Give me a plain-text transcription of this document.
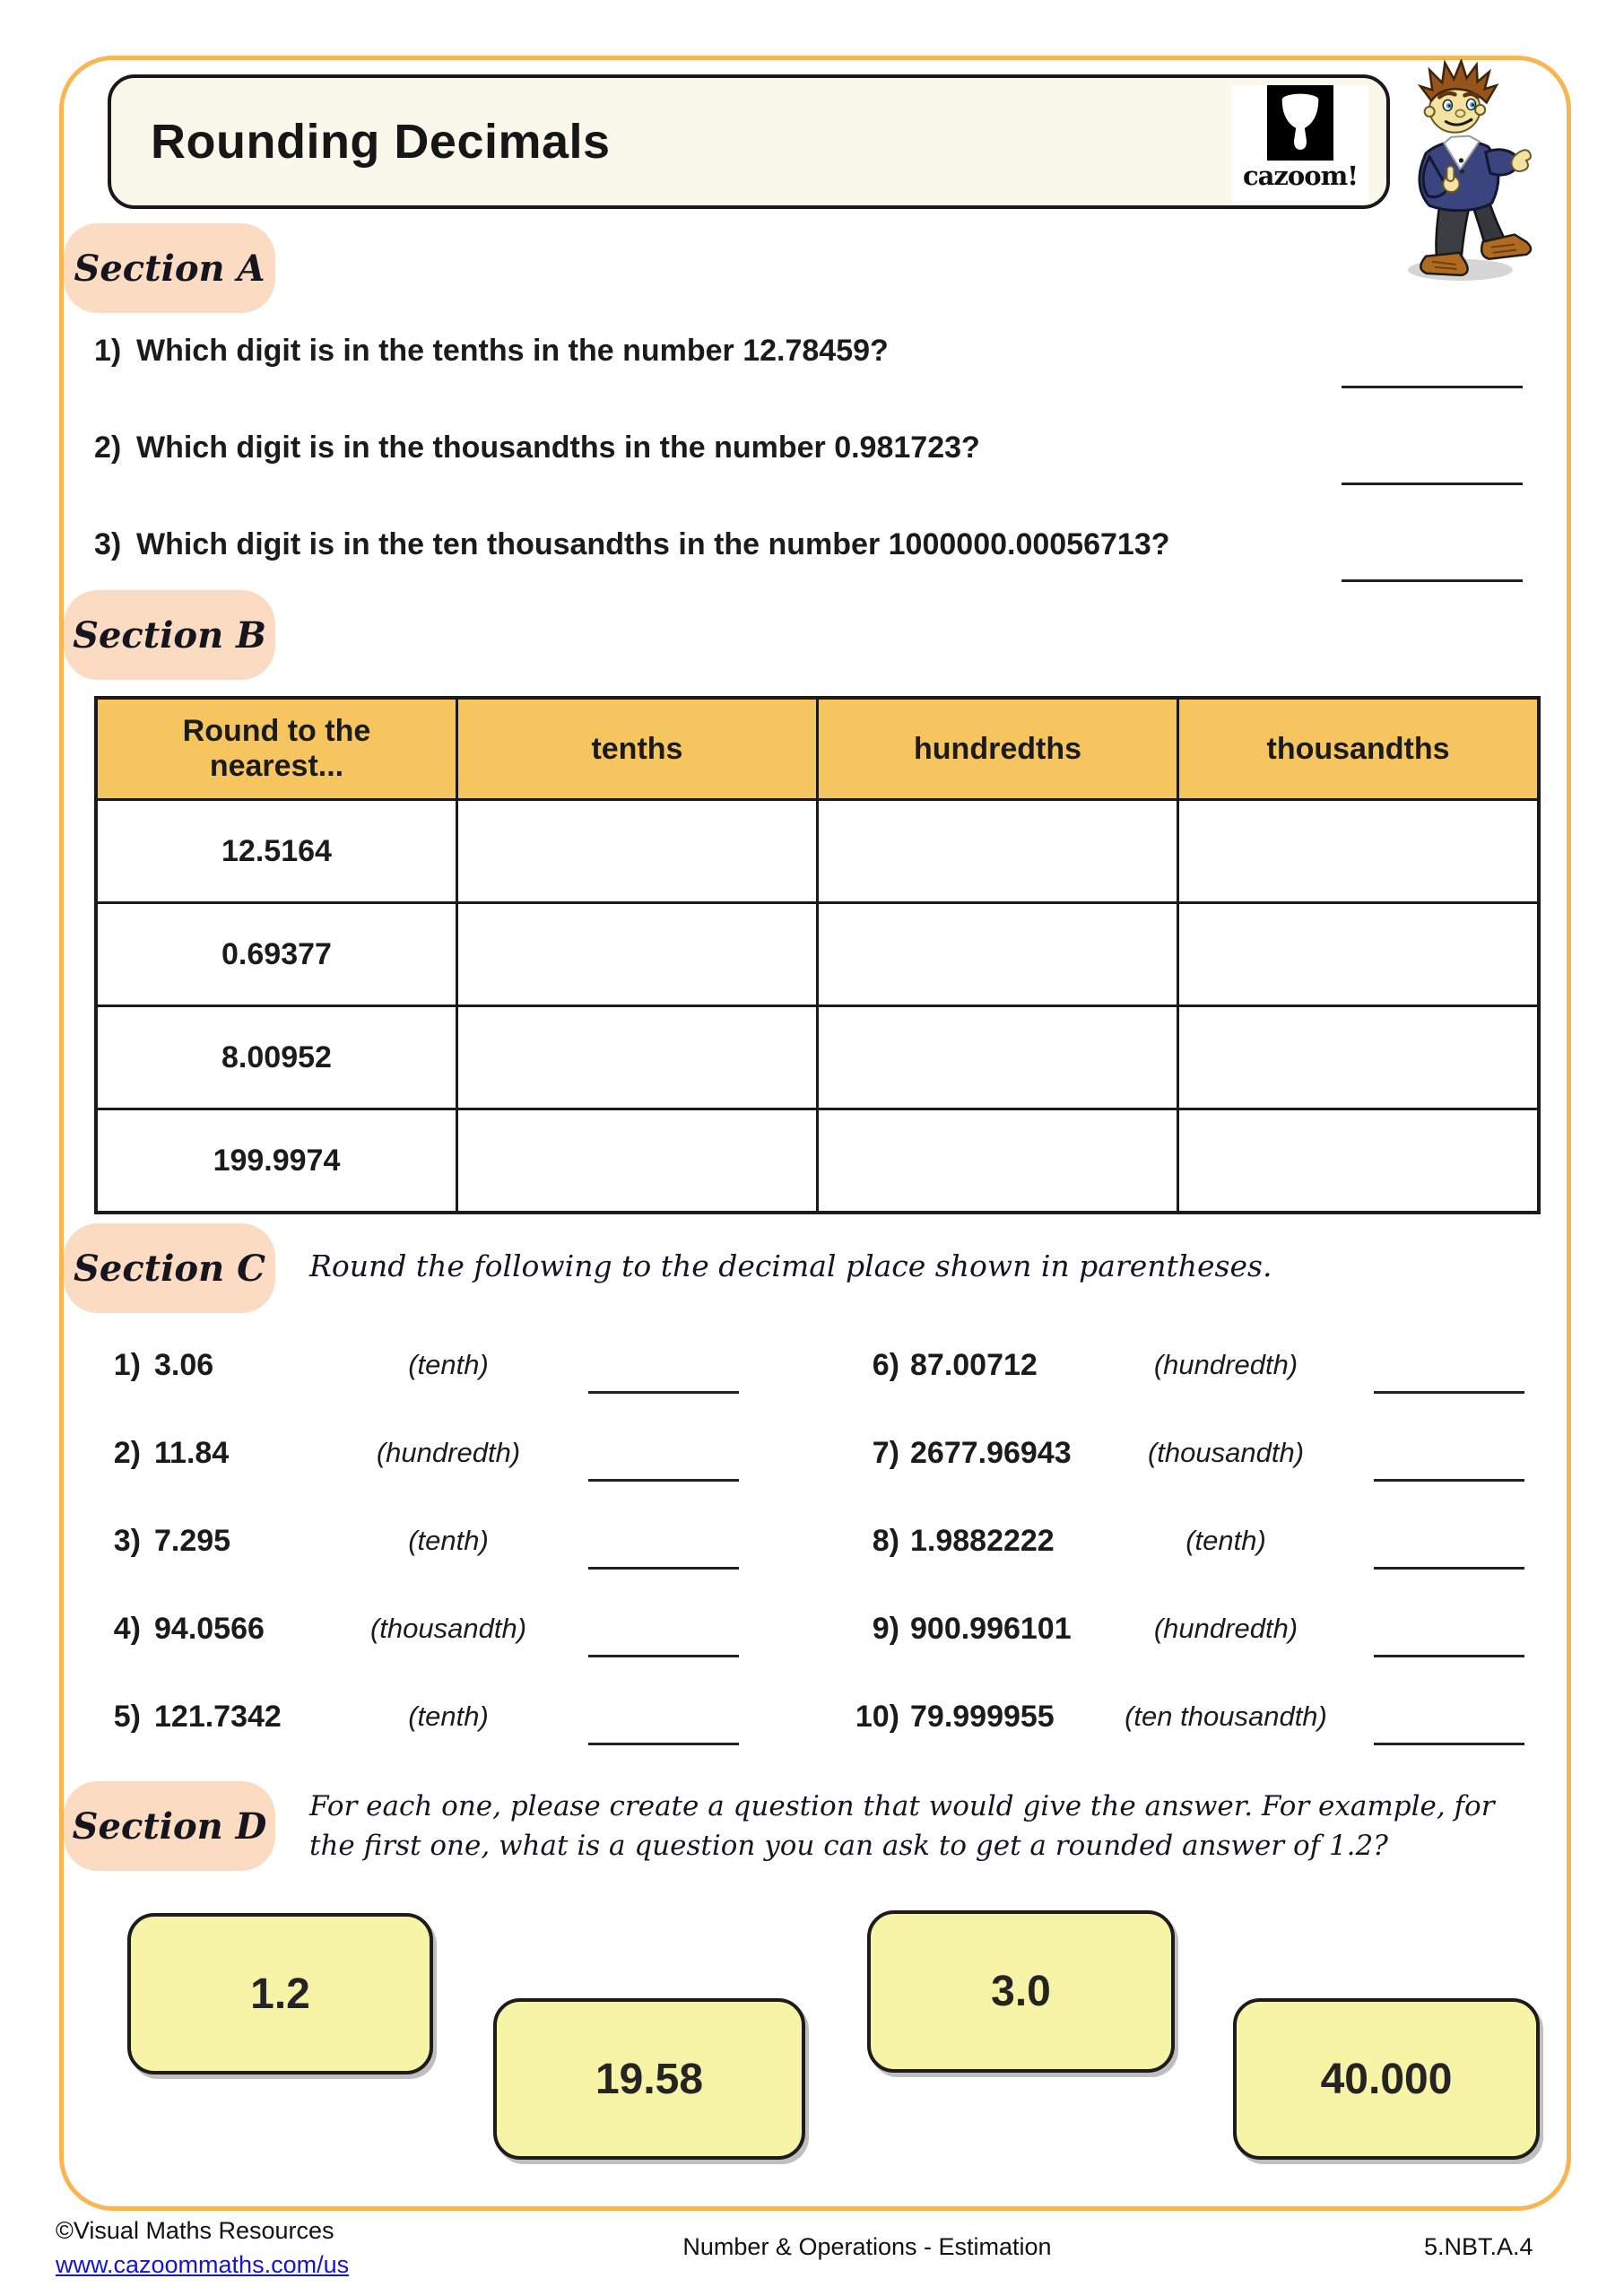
Rounding Decimals
cazoom!
Section A
1) Which digit is in the tenths in the number 12.78459?
2) Which digit is in the thousandths in the number 0.981723?
3) Which digit is in the ten thousandths in the number 1000000.00056713?
Section B
Round to the nearest...	tenths	hundredths	thousandths
12.5164			
0.69377			
8.00952			
199.9974			
Section C	Round the following to the decimal place shown in parentheses.
1) 3.06	(tenth)
2) 11.84	(hundredth)
3) 7.295	(tenth)
4) 94.0566	(thousandth)
5) 121.7342	(tenth)
6) 87.00712	(hundredth)
7) 2677.96943	(thousandth)
8) 1.9882222	(tenth)
9) 900.996101	(hundredth)
10) 79.999955	(ten thousandth)
Section D	For each one, please create a question that would give the answer. For example, for
the first one, what is a question you can ask to get a rounded answer of 1.2?
1.2
19.58
3.0
40.000
©Visual Maths Resources
www.cazoommaths.com/us
Number & Operations - Estimation	5.NBT.A.4
